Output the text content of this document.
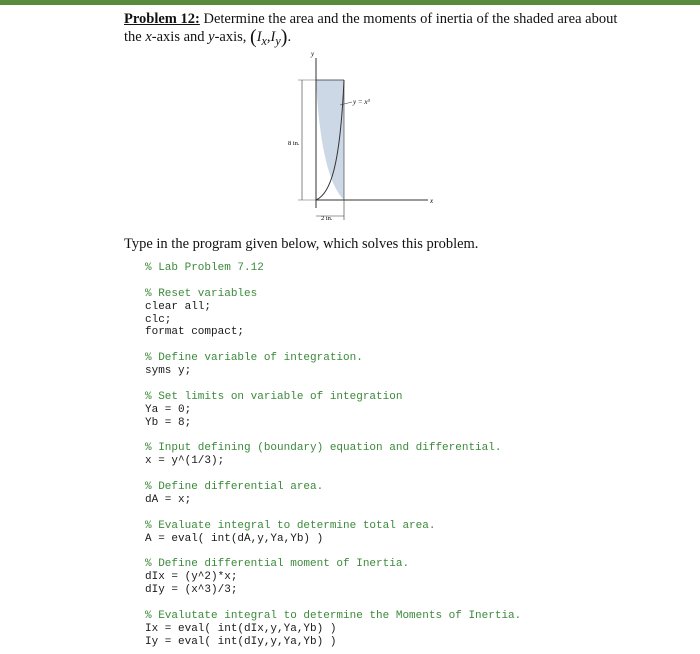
Problem 12: Determine the area and the moments of inertia of the shaded area about
the x-axis and y-axis, $(I_x,I_y)$.
y
x
y = x³
8 in.
2 in.
Type in the program given below, which solves this problem.
% Lab Problem 7.12
% Reset variables
clear all;
clc;
format compact;
% Define variable of integration.
syms y;
% Set limits on variable of integration
Ya = 0;
Yb = 8;
% Input defining (boundary) equation and differential.
x = y^(1/3);
% Define differential area.
dA = x;
% Evaluate integral to determine total area.
A = eval( int(dA,y,Ya,Yb) )
% Define differential moment of Inertia.
dIx = (y^2)*x;
dIy = (x^3)/3;
% Evalutate integral to determine the Moments of Inertia.
Ix = eval( int(dIx,y,Ya,Yb) )
Iy = eval( int(dIy,y,Ya,Yb) )
